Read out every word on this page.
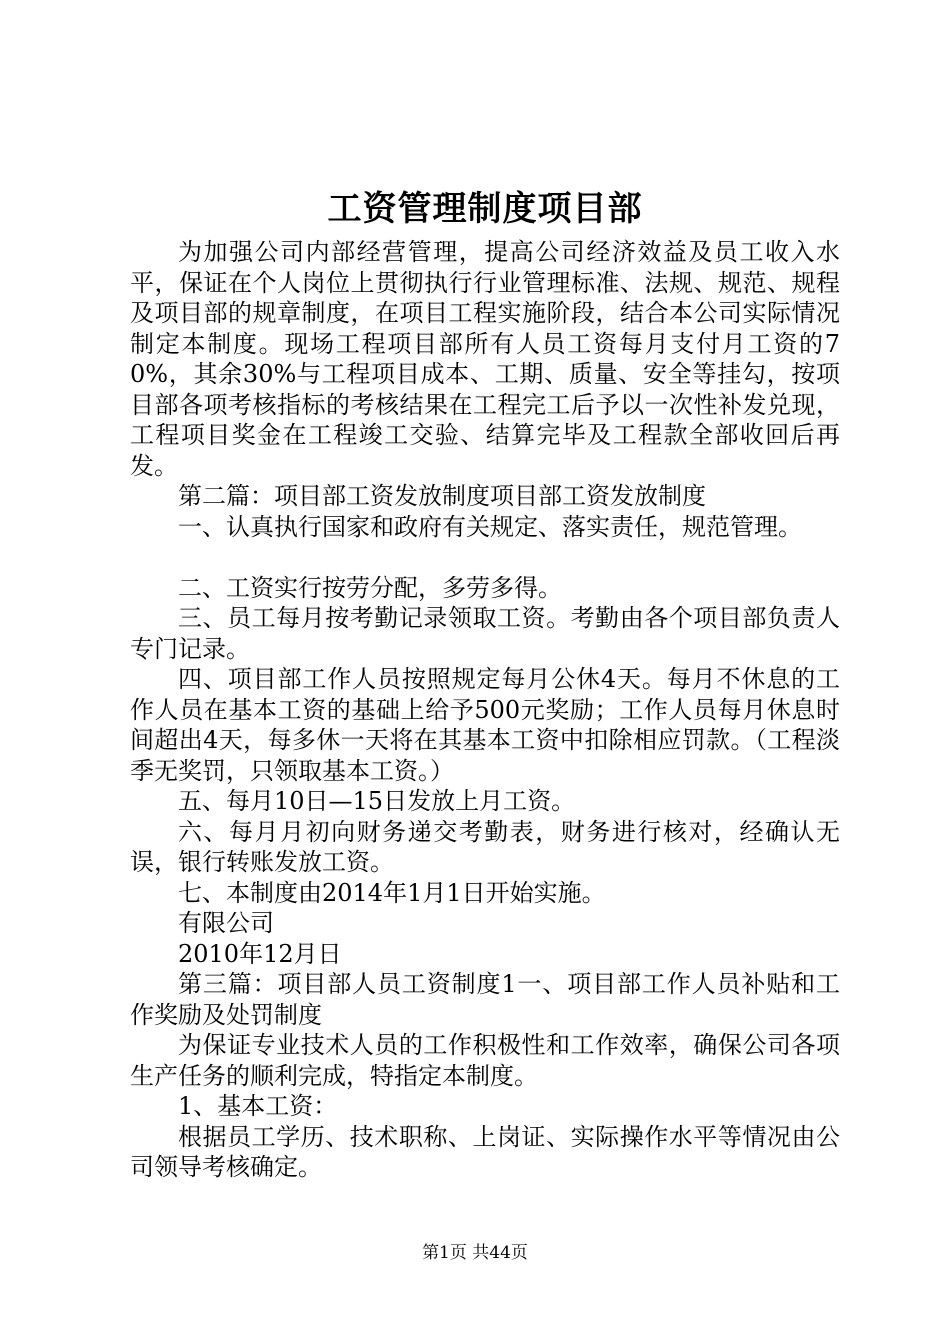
工资管理制度项目部

为加强公司内部经营管理，提高公司经济效益及员工收入水平，保证在个人岗位上贯彻执行行业管理标准、法规、规范、规程及项目部的规章制度，在项目工程实施阶段，结合本公司实际情况制定本制度。现场工程项目部所有人员工资每月支付月工资的70%，其余30%与工程项目成本、工期、质量、安全等挂勾，按项目部各项考核指标的考核结果在工程完工后予以一次性补发兑现，工程项目奖金在工程竣工交验、结算完毕及工程款全部收回后再发。

第二篇：项目部工资发放制度项目部工资发放制度

一、认真执行国家和政府有关规定、落实责任，规范管理。

二、工资实行按劳分配，多劳多得。

三、员工每月按考勤记录领取工资。考勤由各个项目部负责人专门记录。

四、项目部工作人员按照规定每月公休4天。每月不休息的工作人员在基本工资的基础上给予500元奖励；工作人员每月休息时间超出4天，每多休一天将在其基本工资中扣除相应罚款。（工程淡季无奖罚，只领取基本工资。）

五、每月10日—15日发放上月工资。

六、每月月初向财务递交考勤表，财务进行核对，经确认无误，银行转账发放工资。

七、本制度由2014年1月1日开始实施。

有限公司

2010年12月日

第三篇：项目部人员工资制度1一、项目部工作人员补贴和工作奖励及处罚制度

为保证专业技术人员的工作积极性和工作效率，确保公司各项生产任务的顺利完成，特指定本制度。

1、基本工资：

根据员工学历、技术职称、上岗证、实际操作水平等情况由公司领导考核确定。

第1页 共44页
